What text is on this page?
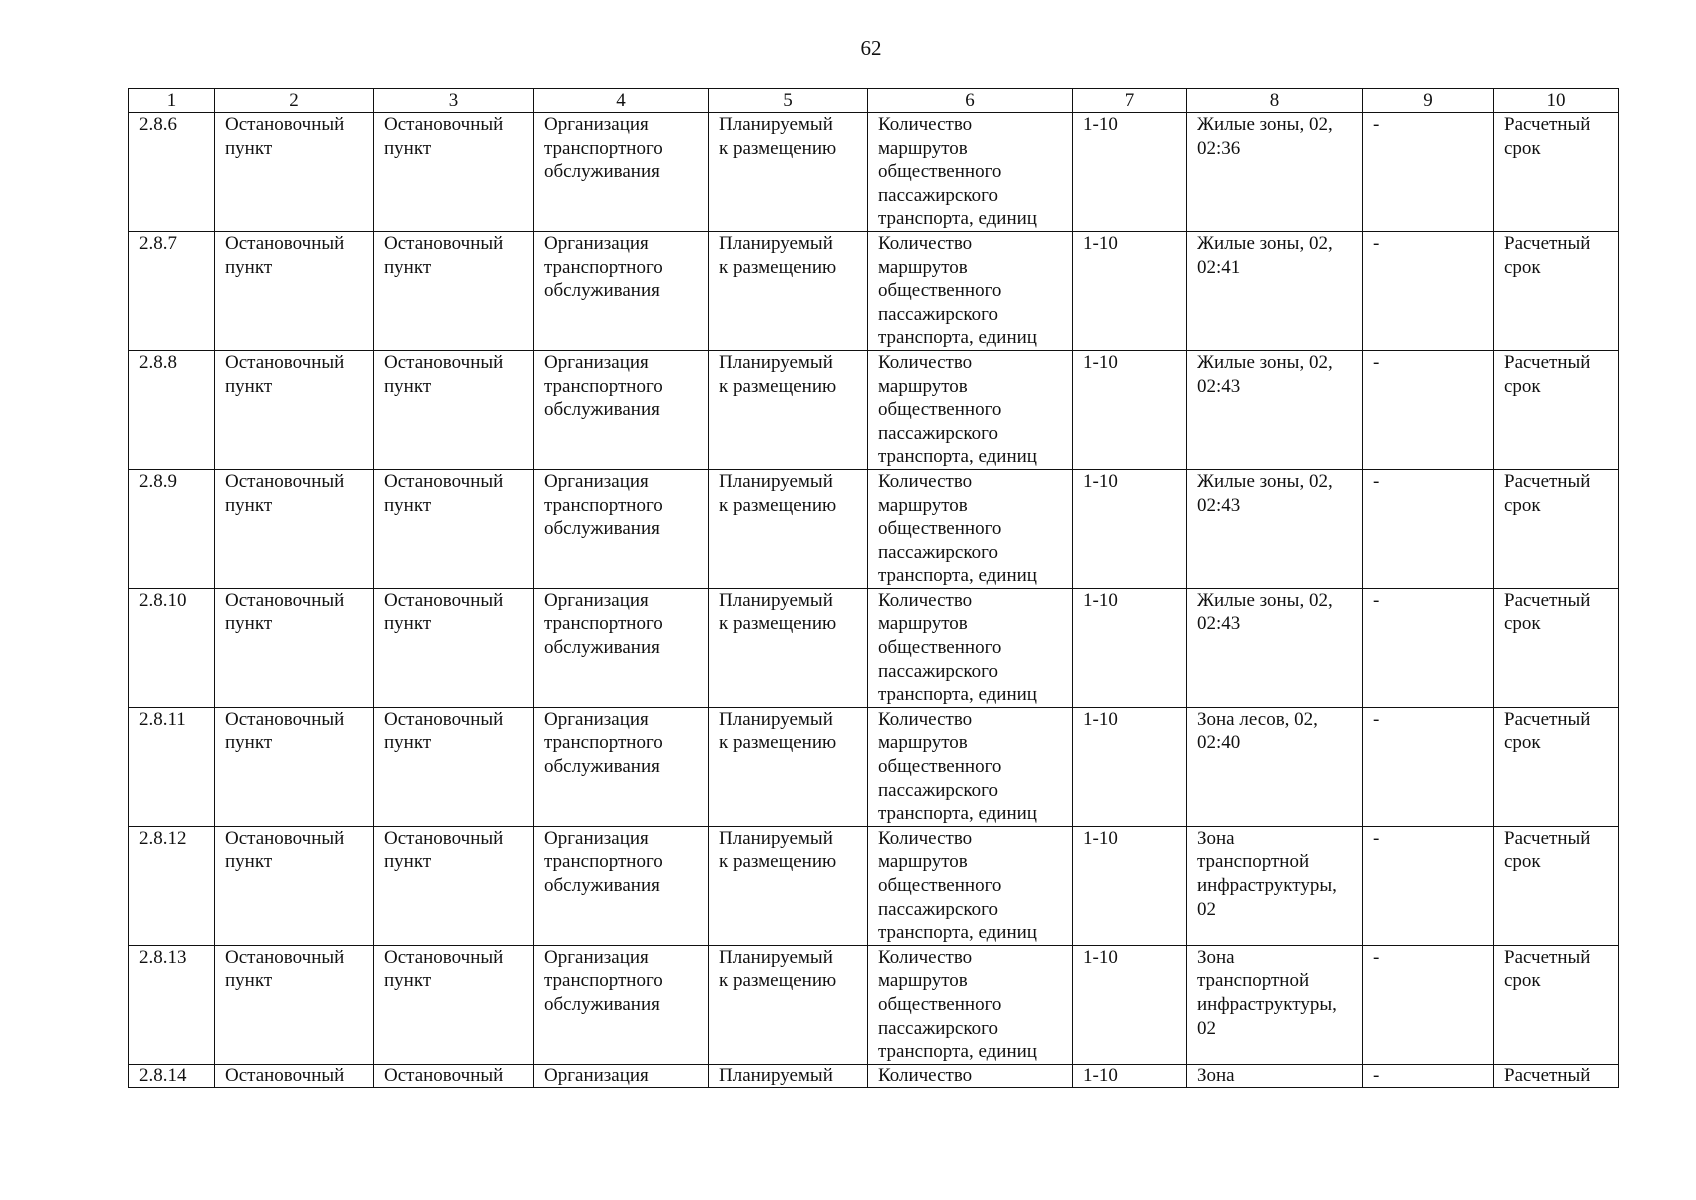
62
1	2	3	4	5	6	7	8	9	10

2.8.6	Остановочный
пункт	Остановочный
пункт	Организация
транспортного
обслуживания	Планируемый
к размещению	Количество
маршрутов
общественного
пассажирского
транспорта, единиц	1-10	Жилые зоны, 02,
02:36	-	Расчетный
срок

2.8.7	Остановочный
пункт	Остановочный
пункт	Организация
транспортного
обслуживания	Планируемый
к размещению	Количество
маршрутов
общественного
пассажирского
транспорта, единиц	1-10	Жилые зоны, 02,
02:41	-	Расчетный
срок

2.8.8	Остановочный
пункт	Остановочный
пункт	Организация
транспортного
обслуживания	Планируемый
к размещению	Количество
маршрутов
общественного
пассажирского
транспорта, единиц	1-10	Жилые зоны, 02,
02:43	-	Расчетный
срок

2.8.9	Остановочный
пункт	Остановочный
пункт	Организация
транспортного
обслуживания	Планируемый
к размещению	Количество
маршрутов
общественного
пассажирского
транспорта, единиц	1-10	Жилые зоны, 02,
02:43	-	Расчетный
срок

2.8.10	Остановочный
пункт	Остановочный
пункт	Организация
транспортного
обслуживания	Планируемый
к размещению	Количество
маршрутов
общественного
пассажирского
транспорта, единиц	1-10	Жилые зоны, 02,
02:43	-	Расчетный
срок

2.8.11	Остановочный
пункт	Остановочный
пункт	Организация
транспортного
обслуживания	Планируемый
к размещению	Количество
маршрутов
общественного
пассажирского
транспорта, единиц	1-10	Зона лесов, 02,
02:40	-	Расчетный
срок

2.8.12	Остановочный
пункт	Остановочный
пункт	Организация
транспортного
обслуживания	Планируемый
к размещению	Количество
маршрутов
общественного
пассажирского
транспорта, единиц	1-10	Зона
транспортной
инфраструктуры,
02	-	Расчетный
срок

2.8.13	Остановочный
пункт	Остановочный
пункт	Организация
транспортного
обслуживания	Планируемый
к размещению	Количество
маршрутов
общественного
пассажирского
транспорта, единиц	1-10	Зона
транспортной
инфраструктуры,
02	-	Расчетный
срок

2.8.14	Остановочный	Остановочный	Организация	Планируемый	Количество	1-10	Зона	-	Расчетный
